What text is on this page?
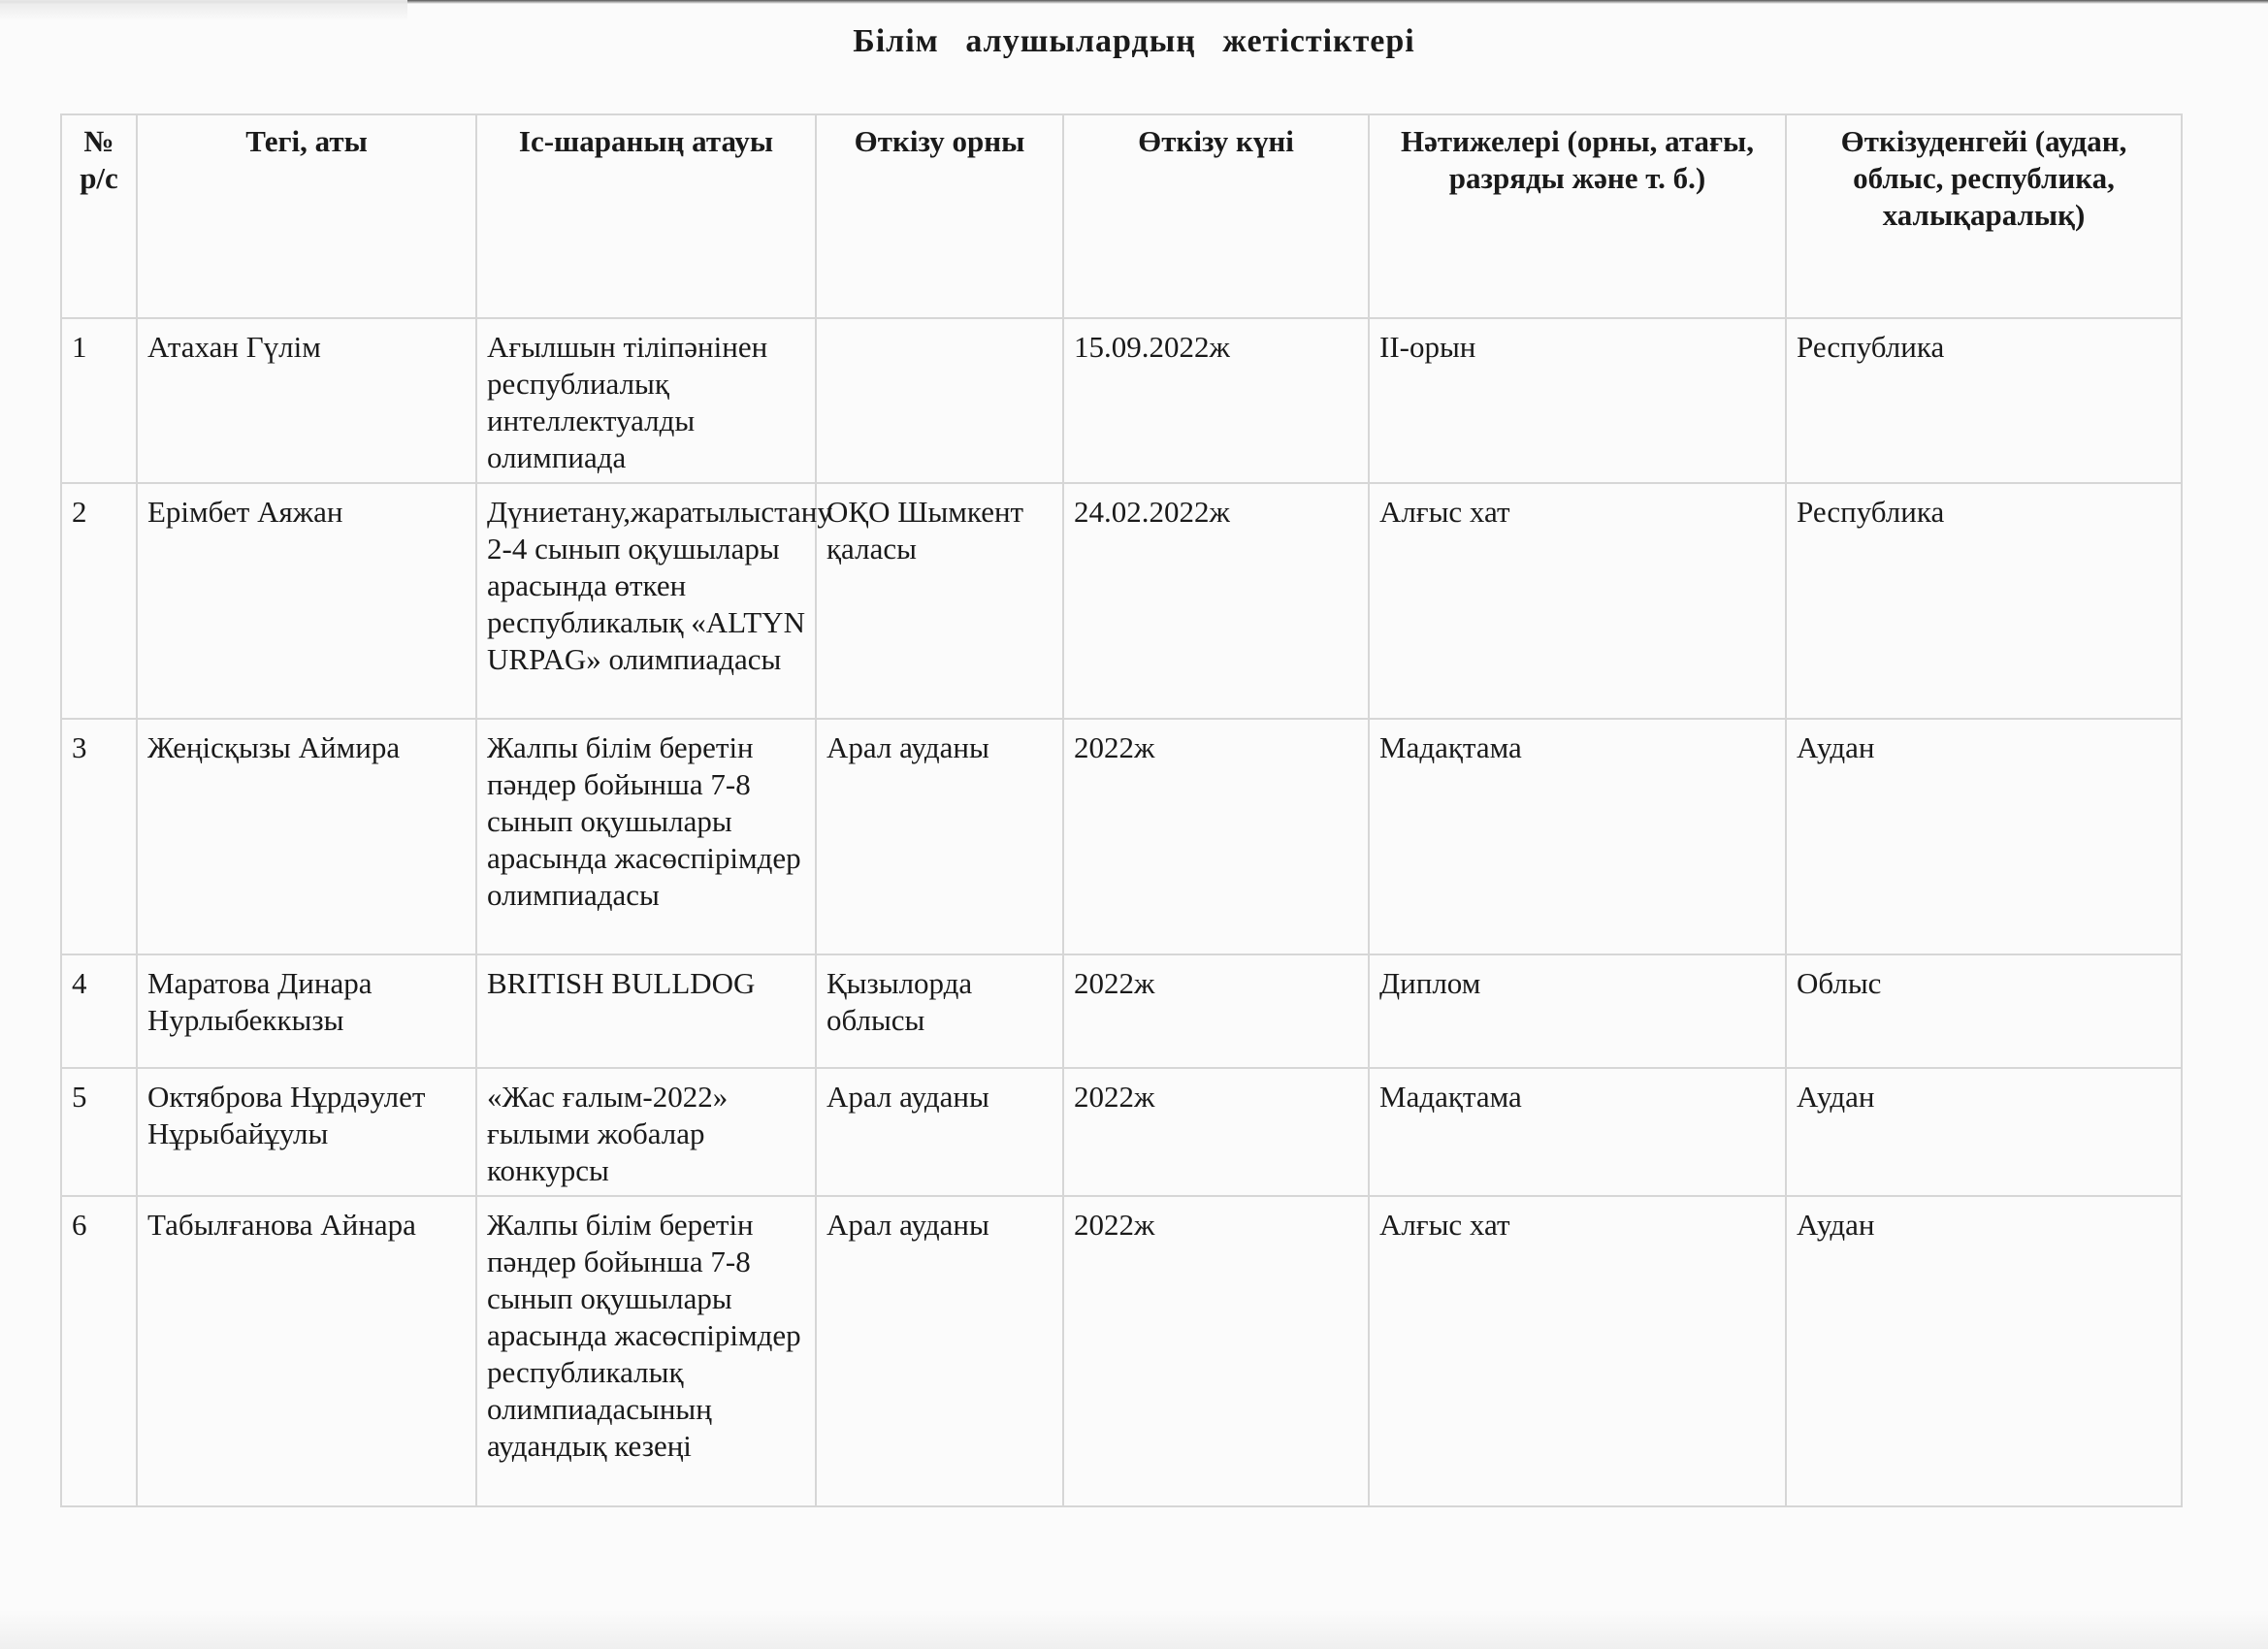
Білім алушылардың жетістіктері
№ р/с	Тегі, аты	Іс-шараның атауы	Өткізу орны	Өткізу күні	Нәтижелері (орны, атағы, разряды және т. б.)	Өткізуденгейі (аудан, облыс, республика, халықаралық)
1	Атахан Гүлім	Ағылшын тіліпәнінен республиалық интеллектуалды олимпиада		15.09.2022ж	ІІ-орын	Республика
2	Ерімбет Аяжан	Дүниетану,жаратылыстану 2-4 сынып оқушылары арасында өткен республикалық «ALTYN URPAG» олимпиадасы	ОҚО Шымкент қаласы	24.02.2022ж	Алғыс хат	Республика
3	Жеңісқызы Аймира	Жалпы білім беретін пәндер бойынша 7-8 сынып оқушылары арасында жасөспірімдер олимпиадасы	Арал ауданы	2022ж	Мадақтама	Аудан
4	Маратова Динара Нурлыбеккызы	BRITISH BULLDOG	Қызылорда облысы	2022ж	Диплом	Облыс
5	Октяброва Нұрдәулет Нұрыбайұулы	«Жас ғалым-2022» ғылыми жобалар конкурсы	Арал ауданы	2022ж	Мадақтама	Аудан
6	Табылғанова Айнара	Жалпы білім беретін пәндер бойынша 7-8 сынып оқушылары арасында жасөспірімдер республикалық олимпиадасының аудандық кезеңі	Арал ауданы	2022ж	Алғыс хат	Аудан
